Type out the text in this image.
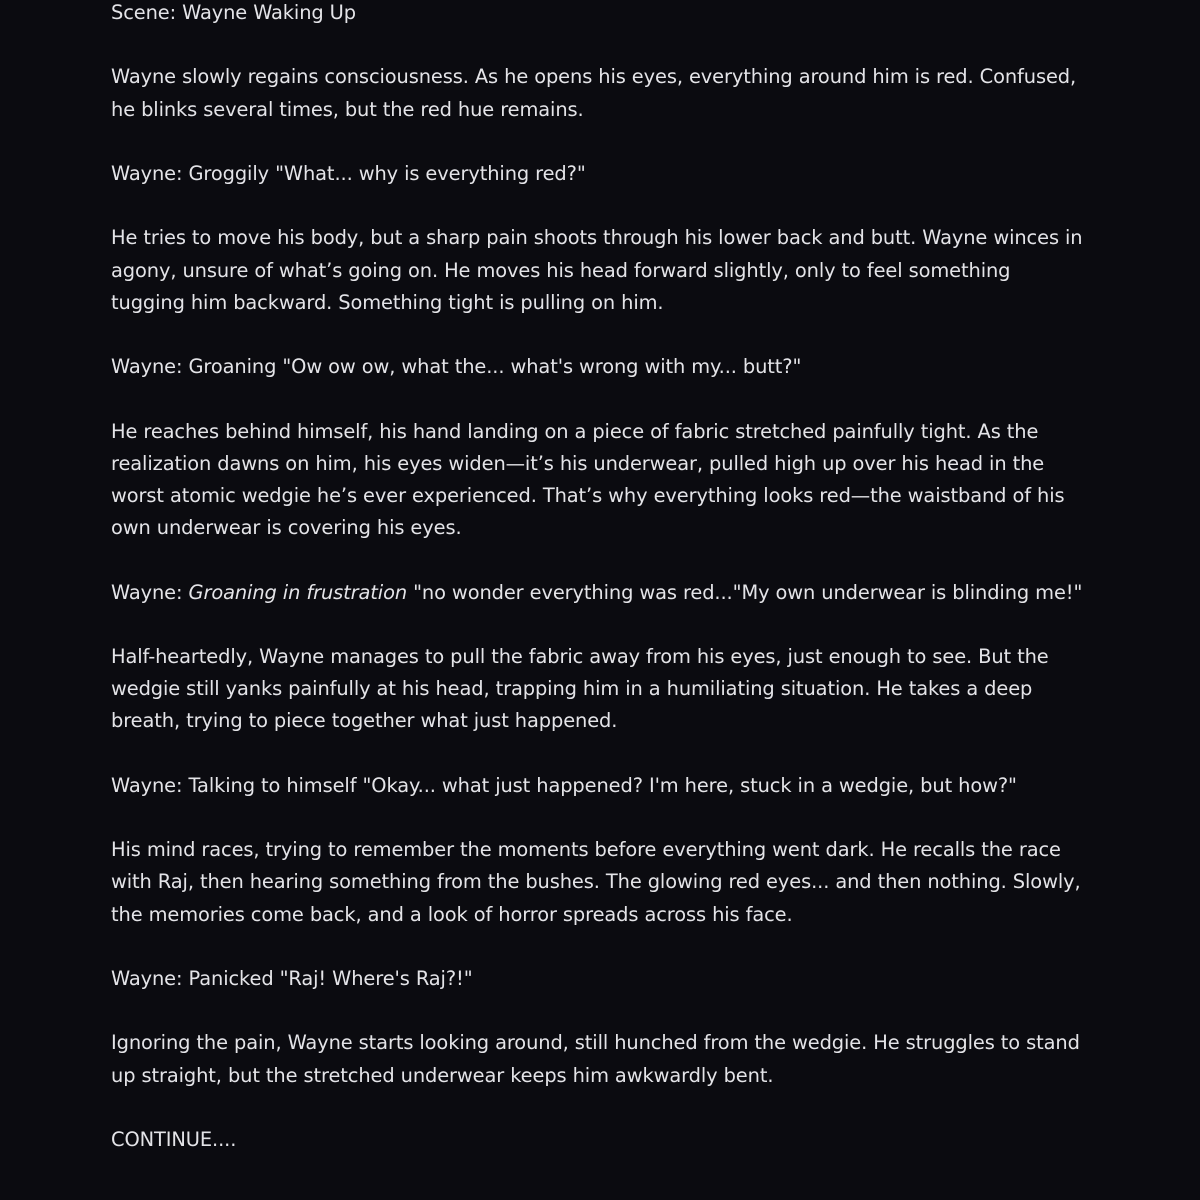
Scene: Wayne Waking Up

Wayne slowly regains consciousness. As he opens his eyes, everything around him is red. Confused, he blinks several times, but the red hue remains.

Wayne: Groggily "What... why is everything red?"

He tries to move his body, but a sharp pain shoots through his lower back and butt. Wayne winces in agony, unsure of what’s going on. He moves his head forward slightly, only to feel something tugging him backward. Something tight is pulling on him.

Wayne: Groaning "Ow ow ow, what the... what's wrong with my... butt?"

He reaches behind himself, his hand landing on a piece of fabric stretched painfully tight. As the realization dawns on him, his eyes widen—it’s his underwear, pulled high up over his head in the worst atomic wedgie he’s ever experienced. That’s why everything looks red—the waistband of his own underwear is covering his eyes.

Wayne: Groaning in frustration "no wonder everything was red..."My own underwear is blinding me!"

Half-heartedly, Wayne manages to pull the fabric away from his eyes, just enough to see. But the wedgie still yanks painfully at his head, trapping him in a humiliating situation. He takes a deep breath, trying to piece together what just happened.

Wayne: Talking to himself "Okay... what just happened? I'm here, stuck in a wedgie, but how?"

His mind races, trying to remember the moments before everything went dark. He recalls the race with Raj, then hearing something from the bushes. The glowing red eyes... and then nothing. Slowly, the memories come back, and a look of horror spreads across his face.

Wayne: Panicked "Raj! Where's Raj?!"

Ignoring the pain, Wayne starts looking around, still hunched from the wedgie. He struggles to stand up straight, but the stretched underwear keeps him awkwardly bent.

CONTINUE....
